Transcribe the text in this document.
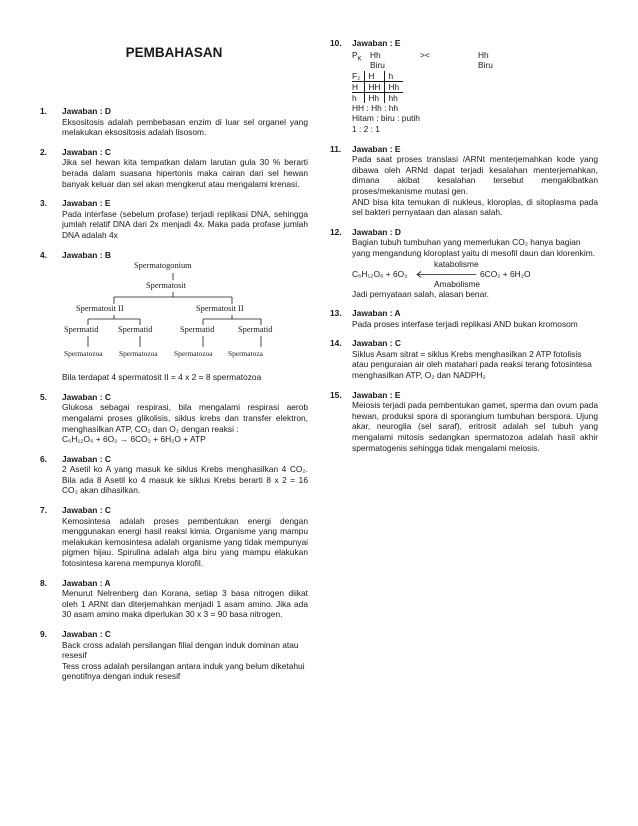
PEMBAHASAN
1.	Jawaban : D
Eksositosis adalah pembebasan enzim di luar sel organel yang melakukan eksositosis adalah lisosom.
2.	Jawaban : C
Jika sel hewan kita tempatkan dalam larutan gula 30 % berarti berada dalam suasana hipertonis maka cairan dari sel hewan banyak keluar dan sel akan mengkerut atau mengalami krenasi.
3.	Jawaban : E
Pada interfase (sebelum profase) terjadi replikasi DNA, sehingga jumlah relatif DNA dari 2x menjadi 4x. Maka pada profase jumlah DNA adalah 4x
4.	Jawaban : B
Spermatogonium
Spermatosit
Spermatosit II	Spermatosit II
Spermatid Spermatid	Spermatid	Spermatid
Spermatozoa Spermatozoa Spermatozoa Spermatoza
Bila terdapat 4 spermatosit II = 4 x 2 = 8 spermatozoa
5.	Jawaban : C
Glukosa sebagai respirasi, bila mengalami respirasi aerob mengalami proses glikolisis, siklus krebs dan transfer elektron, menghasilkan ATP, CO₂ dan O₂ dengan reaksi :
C₆H₁₂O₆ + 6O₂ → 6CO₂ + 6H₂O + ATP
6.	Jawaban : C
2 Asetil ko A yang masuk ke siklus Krebs menghasilkan 4 CO₂. Bila ada 8 Asetil ko 4 masuk ke siklus Krebs berarti 8 x 2 = 16 CO₂ akan dihasilkan.
7.	Jawaban : C
Kemosintesa adalah proses pembentukan energi dengan menggunakan energi hasil reaksi kimia. Organisme yang mampu melakukan kemosintesa adalah organisme yang tidak mempunyai pigmen hijau. Spirulina adalah alga biru yang mampu elakukan fotosintesa karena mempunya klorofil.
8.	Jawaban : A
Menurut Nelrenberg dan Korana, setiap 3 basa nitrogen diikat oleh 1 ARNt dan diterjemahkan menjadi 1 asam amino. Jika ada 30 asam amino maka diperlukan 30 x 3 = 90 basa nitrogen.
9.	Jawaban : C
Back cross adalah persilangan filial dengan induk dominan atau resesif
Tess cross adalah persilangan antara induk yang belum diketahui genotifnya dengan induk resesif
10.	Jawaban : E
$P_K$ Hh	><	Hh
Biru	Biru
F₂	H	h
H	HH	Hh
h	Hh	hh
HH : Hh : hh
Hitam : biru : putih
1 : 2 : 1
11.	Jawaban : E
Pada saat proses translasi /ARNt menterjemahkan kode yang dibawa oleh ARNd dapat terjadi kesalahan menterjemahkan, dimana akibat kesalahan tersebut mengakibatkan proses/mekanisme mutasi gen.
AND bisa kita temukan di nukleus, kloroplas, di sitoplasma pada sel bakteri pernyataan dan alasan salah.
12.	Jawaban : D
Bagian tubuh tumbuhan yang memerlukan CO₂ hanya bagian yang mengandung kloroplast yaitu di mesofil daun dan klorenkim.
katabolisme
C₆H₁₂O₆ + 6O₂	6CO₂ + 6H₂O
Amabolisme
Jadi pernyataan salah, alasan benar.
13.	Jawaban : A
Pada proses interfase terjadi replikasi AND bukan kromosom
14.	Jawaban : C
Siklus Asam sitrat = siklus Krebs menghasilkan 2 ATP fotolisis atau penguraian air oleh matahari pada reaksi terang fotosintesa menghasilkan ATP, O₂ dan NADPH₂
15.	Jawaban : E
Meiosis terjadi pada pembentukan gamet, sperma dan ovum pada hewan, produksi spora di sporangium tumbuhan berspora. Ujung akar, neuroglia (sel saraf), eritrosit adalah sel tubuh yang mengalami mitosis sedangkan spermatozoa adalah hasil akhir spermatogenis sehingga tidak mengalami meiosis.
